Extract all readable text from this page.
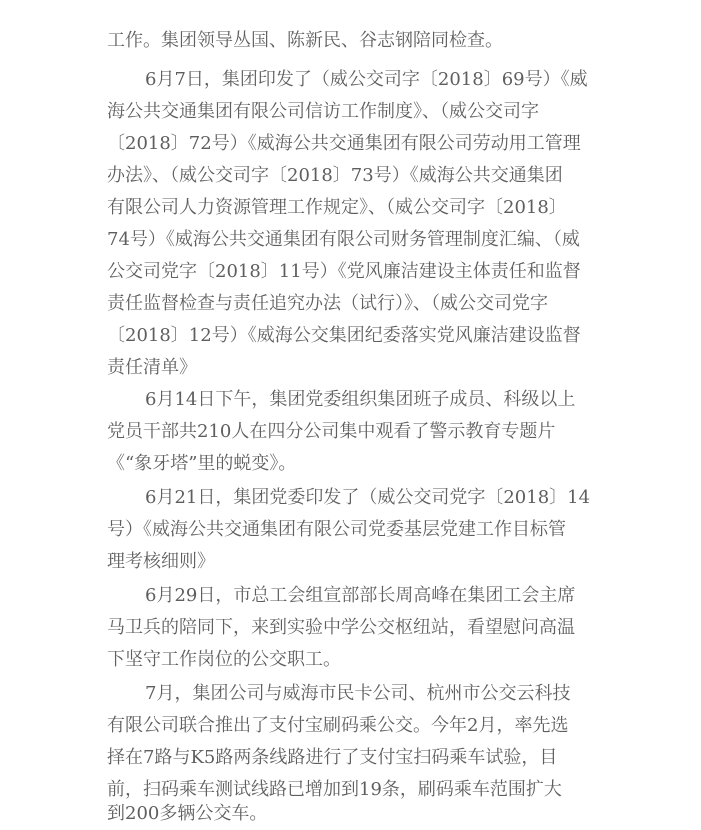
工作。集团领导丛国、陈新民、谷志钢陪同检查。
6月7日，集团印发了（威公交司字〔2018〕69号）《威
海公共交通集团有限公司信访工作制度》、（威公交司字
〔2018〕72号）《威海公共交通集团有限公司劳动用工管理
办法》、（威公交司字〔2018〕73号）《威海公共交通集团
有限公司人力资源管理工作规定》、（威公交司字〔2018〕
74号）《威海公共交通集团有限公司财务管理制度汇编、（威
公交司党字〔2018〕11号）《党风廉洁建设主体责任和监督
责任监督检查与责任追究办法（试行）》、（威公交司党字
〔2018〕12号）《威海公交集团纪委落实党风廉洁建设监督
责任清单》
6月14日下午，集团党委组织集团班子成员、科级以上
党员干部共210人在四分公司集中观看了警示教育专题片
《“象牙塔”里的蜕变》。
6月21日，集团党委印发了（威公交司党字〔2018〕14
号）《威海公共交通集团有限公司党委基层党建工作目标管
理考核细则》
6月29日，市总工会组宣部部长周高峰在集团工会主席
马卫兵的陪同下，来到实验中学公交枢纽站，看望慰问高温
下坚守工作岗位的公交职工。
7月，集团公司与威海市民卡公司、杭州市公交云科技
有限公司联合推出了支付宝刷码乘公交。今年2月，率先选
择在7路与K5路两条线路进行了支付宝扫码乘车试验，目
前，扫码乘车测试线路已增加到19条，刷码乘车范围扩大
到200多辆公交车。
